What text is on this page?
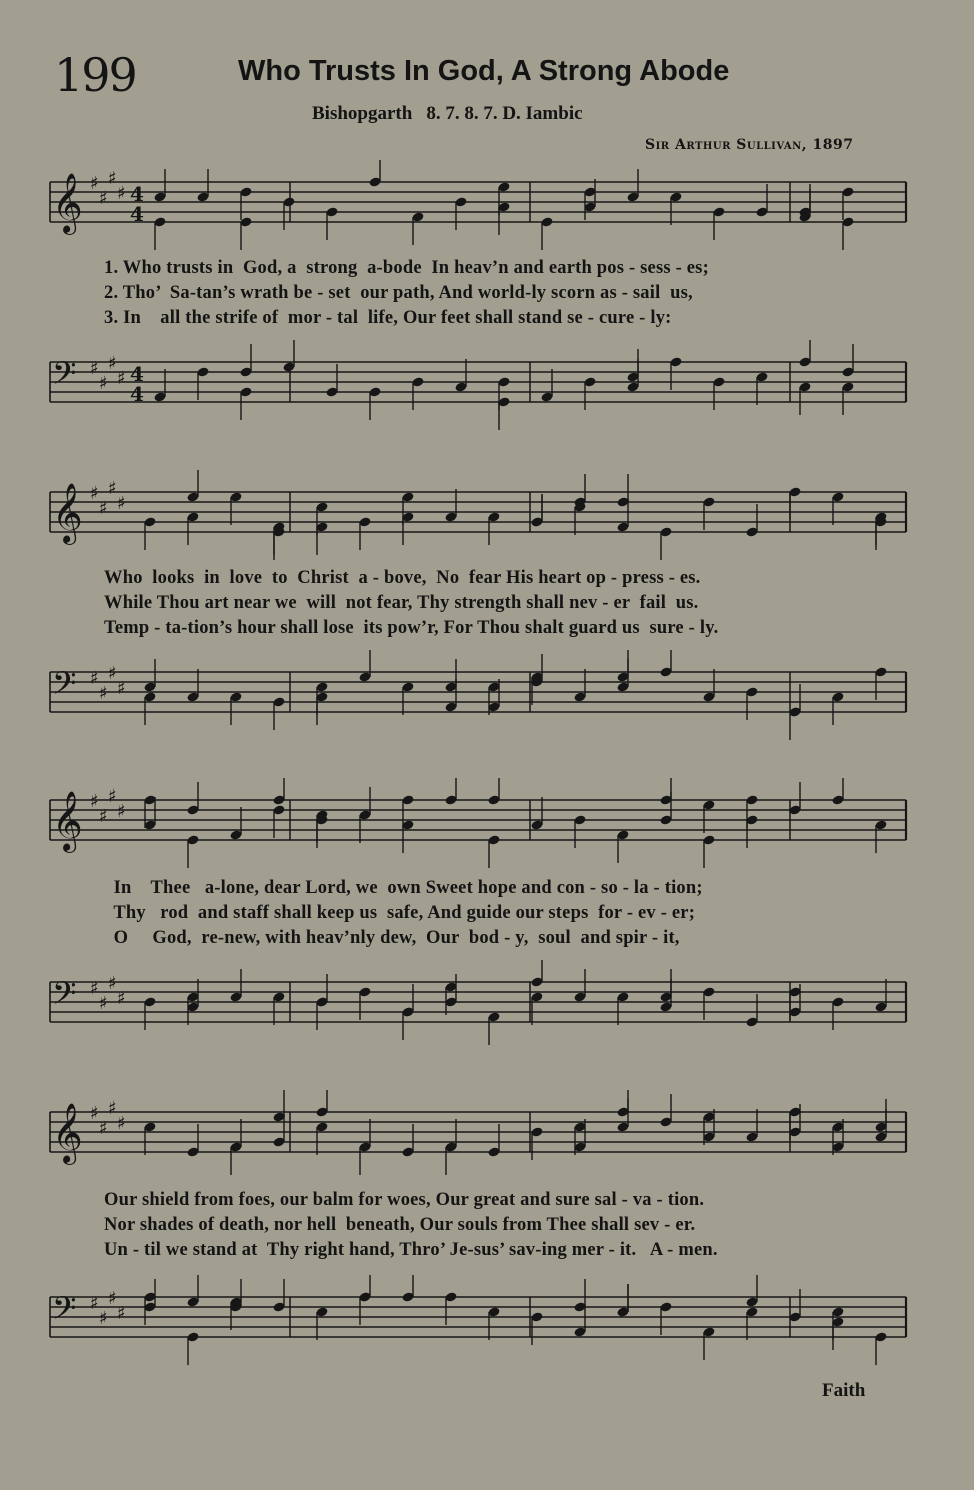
199	Who Trusts In God, A Strong Abode
Bishopgarth 8. 7. 8. 7. D. Iambic
Sir Arthur Sullivan, 1897
𝄞 ♯
♯
♯
♯ 4
4
1. Who trusts in  God, a  strong  a-bode  In heav’n and earth pos - sess - es;
2. Tho’  Sa-tan’s wrath be - set  our path, And world-ly scorn as - sail  us,
3. In    all the strife of  mor - tal  life, Our feet shall stand se - cure - ly:
𝄢 ♯
♯
♯
♯ 4
4
𝄞 ♯
♯
♯
♯
Who  looks  in  love  to  Christ  a - bove,  No  fear His heart op - press - es.
While Thou art near we  will  not fear, Thy strength shall nev - er  fail  us.
Temp - ta-tion’s hour shall lose  its pow’r, For Thou shalt guard us  sure - ly.
𝄢 ♯
♯
♯
♯
𝄞 ♯
♯
♯
♯
In    Thee   a-lone, dear Lord, we  own Sweet hope and con - so - la - tion;
Thy   rod  and staff shall keep us  safe, And guide our steps  for - ev - er;
O     God,  re-new, with heav’nly dew,  Our  bod - y,  soul  and spir - it,
𝄢 ♯
♯
♯
♯
𝄞 ♯
♯
♯
♯
Our shield from foes, our balm for woes, Our great and sure sal - va - tion.
Nor shades of death, nor hell  beneath, Our souls from Thee shall sev - er.
Un - til we stand at  Thy right hand, Thro’ Je-sus’ sav-ing mer - it.   A - men.
𝄢 ♯
♯
♯
♯
Faith
